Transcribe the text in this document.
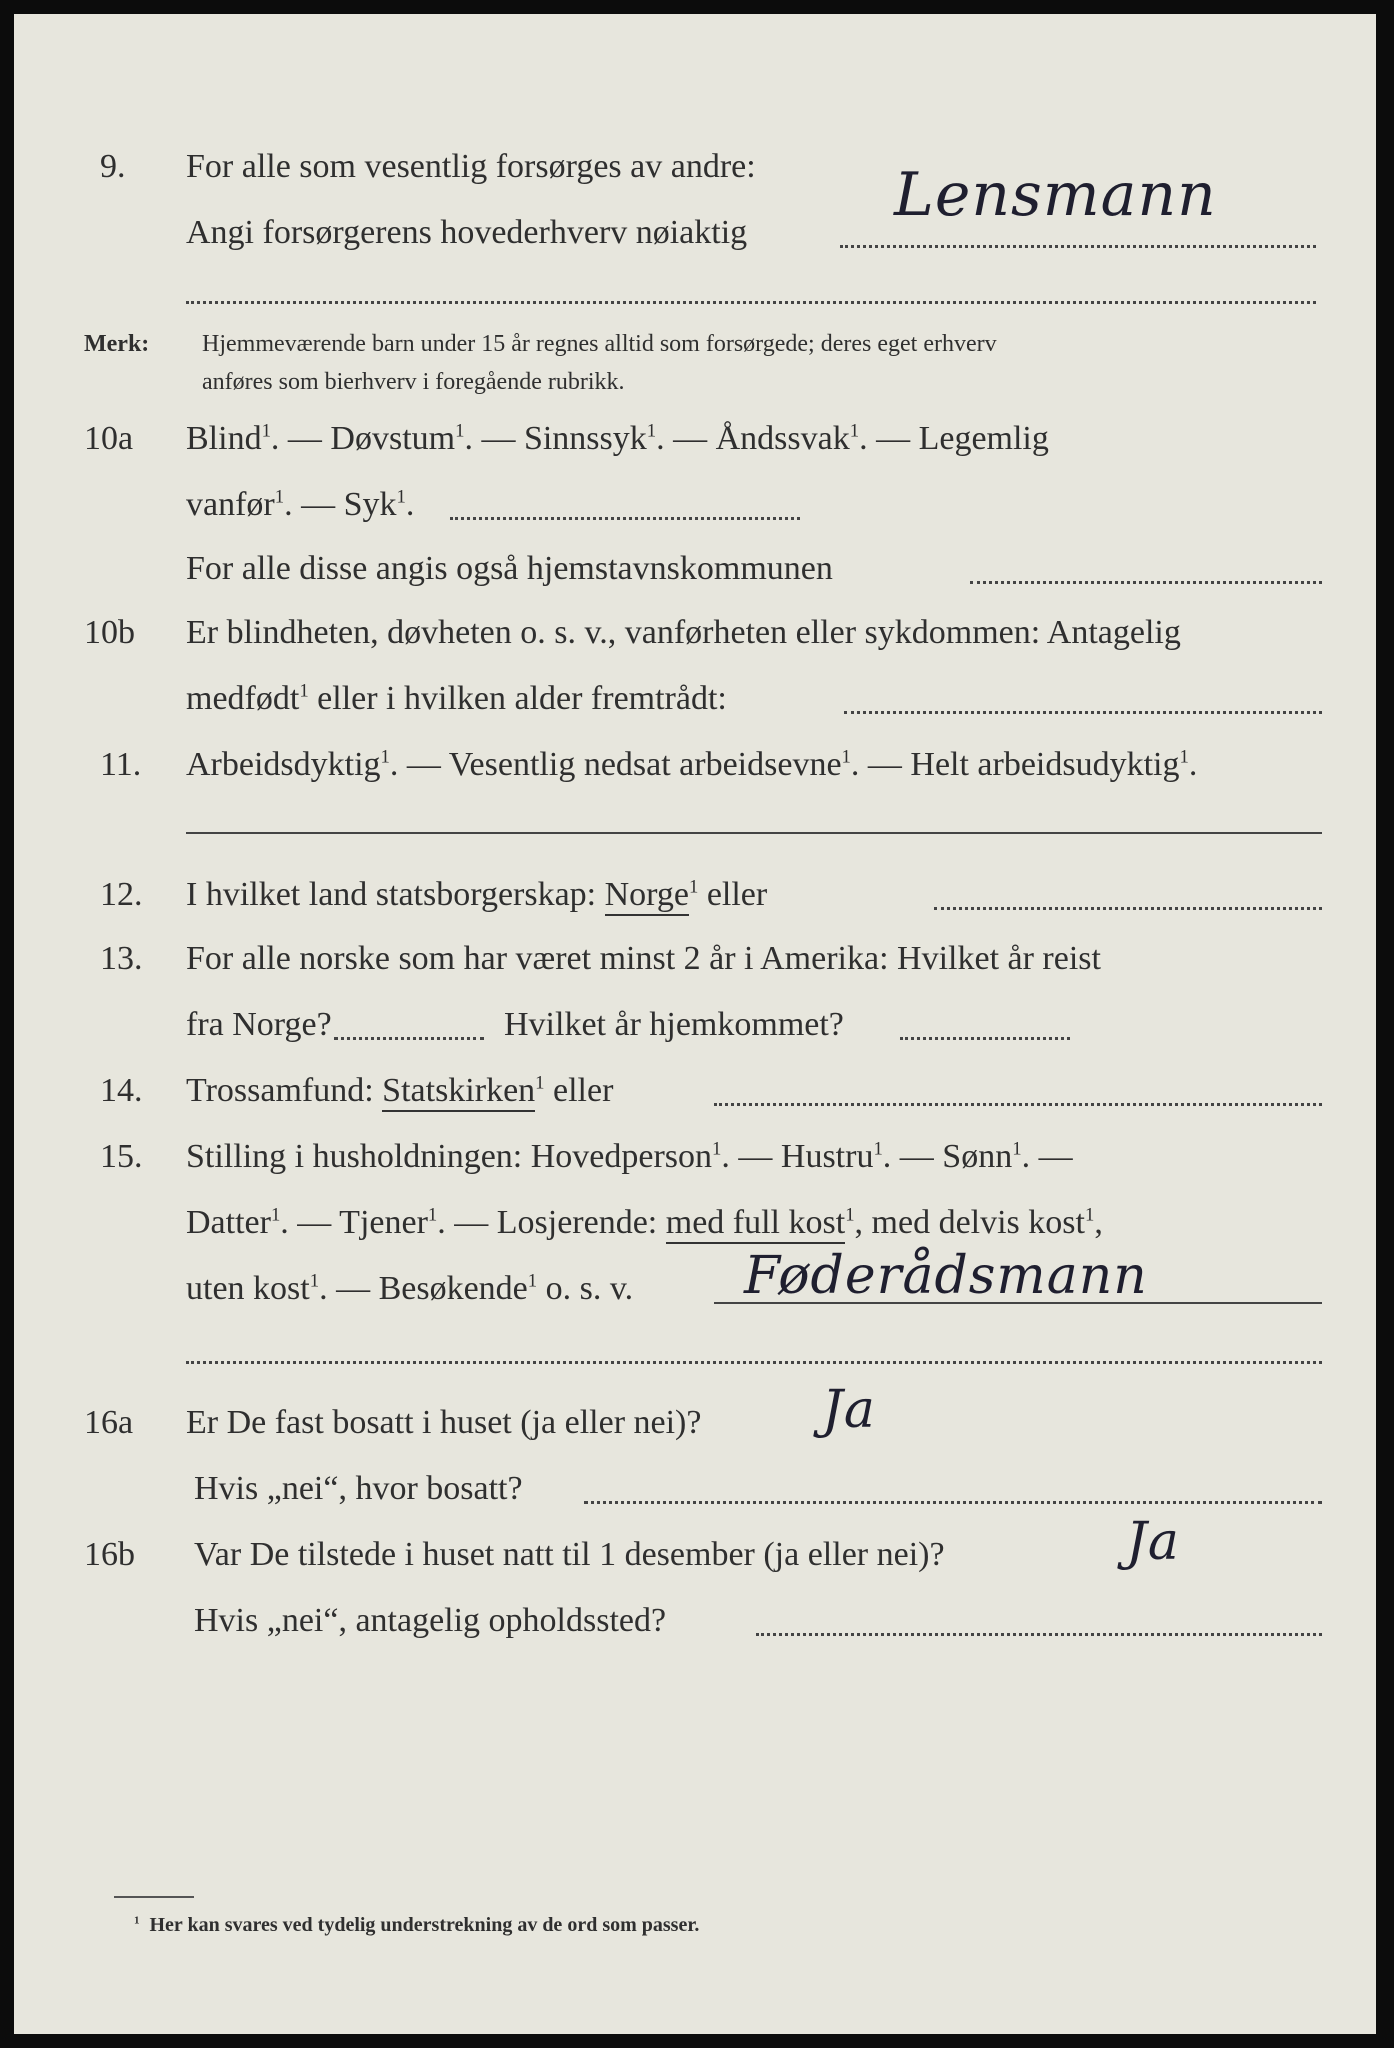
9. For alle som vesentlig forsørges av andre: Lensmann
Angi forsørgerens hovederhverv nøiaktig
Merk: Hjemmeværende barn under 15 år regnes alltid som forsørgede; deres eget erhverv
anføres som bierhverv i foregående rubrikk.
10a Blind$^1$. — Døvstum$^1$. — Sinnssyk$^1$. — Åndssvak$^1$. — Legemlig
vanfør$^1$. — Syk$^1$.
For alle disse angis også hjemstavnskommunen
10b Er blindheten, døvheten o. s. v., vanførheten eller sykdommen: Antagelig
medfødt$^1$ eller i hvilken alder fremtrådt:
11. Arbeidsdyktig$^1$. — Vesentlig nedsat arbeidsevne$^1$. — Helt arbeidsudyktig$^1$.
12. I hvilket land statsborgerskap: Norge$^1$ eller
13. For alle norske som har været minst 2 år i Amerika: Hvilket år reist
fra Norge?	Hvilket år hjemkommet?
14. Trossamfund: Statskirken$^1$ eller
15. Stilling i husholdningen: Hovedperson$^1$. — Hustru$^1$. — Sønn$^1$. —
Datter$^1$. — Tjener$^1$. — Losjerende: med full kost$^1$, med delvis kost$^1$,
uten kost$^1$. — Besøkende$^1$ o. s. v. Føderådsmann
16a Er De fast bosatt i huset (ja eller nei)? Ja
Hvis „nei“, hvor bosatt?
16b Var De tilstede i huset natt til 1 desember (ja eller nei)?	Ja
Hvis „nei“, antagelig opholdssted?
$^1$ Her kan svares ved tydelig understrekning av de ord som passer.
